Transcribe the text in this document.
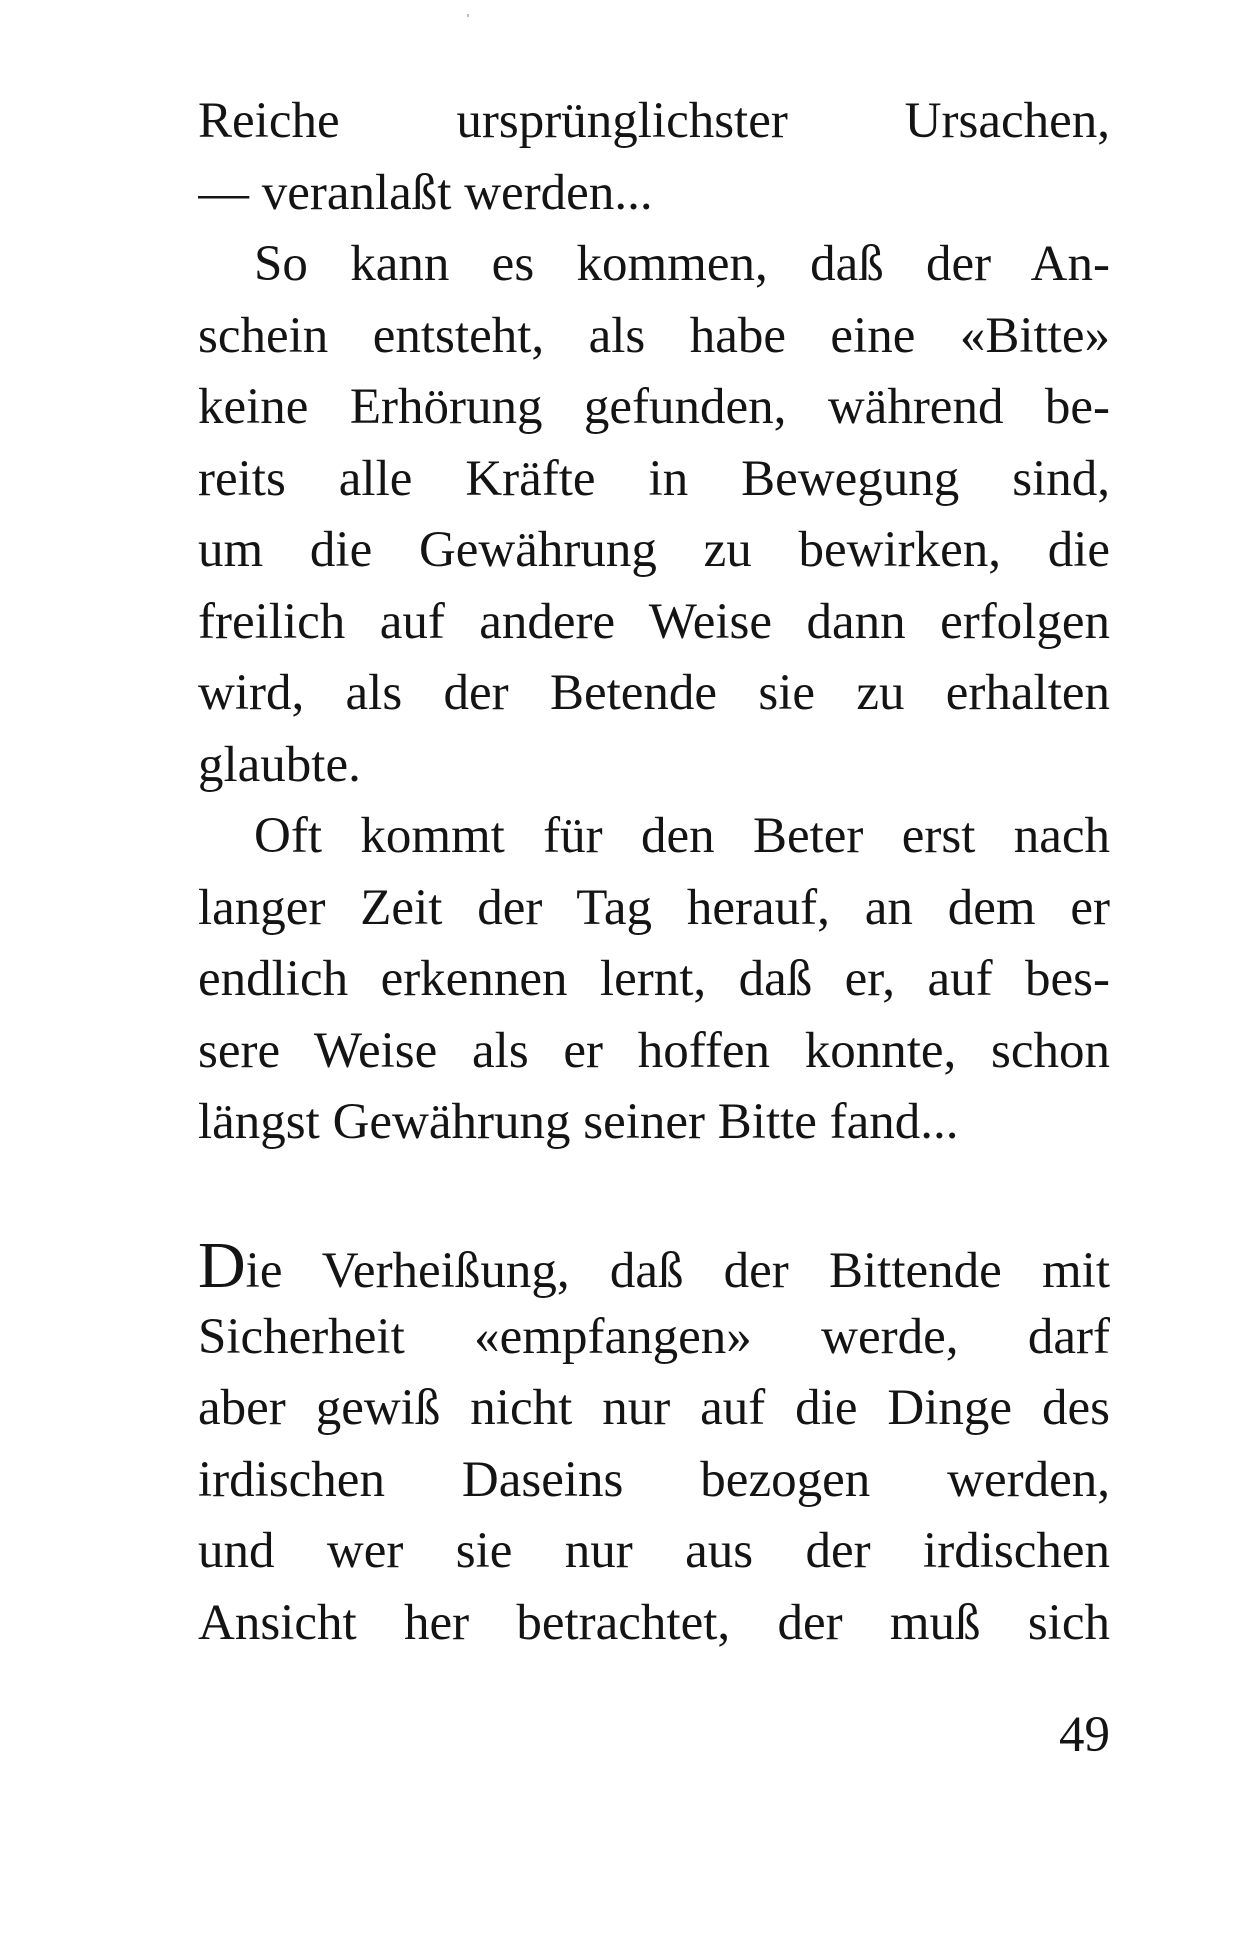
Reiche ursprünglichster Ursachen,
— veranlaßt werden...
So kann es kommen, daß der An-
schein entsteht, als habe eine «Bitte»
keine Erhörung gefunden, während be-
reits alle Kräfte in Bewegung sind,
um die Gewährung zu bewirken, die
freilich auf andere Weise dann erfolgen
wird, als der Betende sie zu erhalten
glaubte.
Oft kommt für den Beter erst nach
langer Zeit der Tag herauf, an dem er
endlich erkennen lernt, daß er, auf bes-
sere Weise als er hoffen konnte, schon
längst Gewährung seiner Bitte fand...
Die Verheißung, daß der Bittende mit
Sicherheit «empfangen» werde, darf
aber gewiß nicht nur auf die Dinge des
irdischen Daseins bezogen werden,
und wer sie nur aus der irdischen
Ansicht her betrachtet, der muß sich
49
